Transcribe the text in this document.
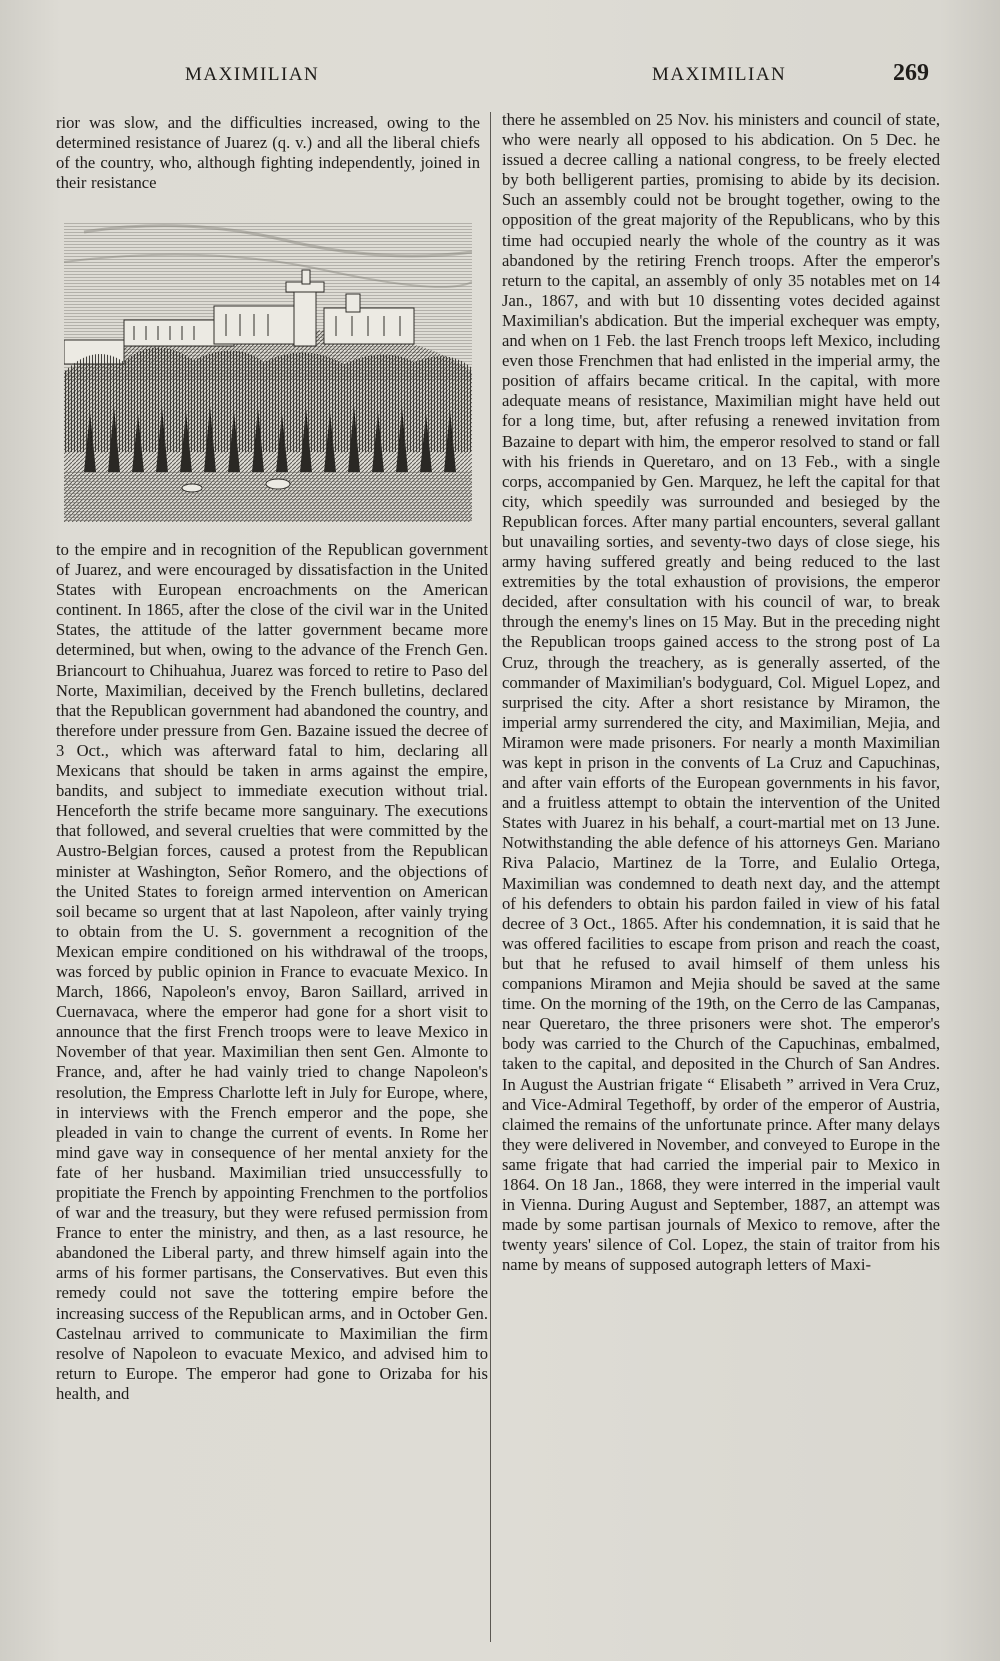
MAXIMILIAN	MAXIMILIAN	269

rior was slow, and the difficulties increased, owing to the determined resistance of Juarez (q. v.) and all the liberal chiefs of the country, who, although fighting independently, joined in their resistance

to the empire and in recognition of the Republican government of Juarez, and were encouraged by dissatisfaction in the United States with European encroachments on the American continent. In 1865, after the close of the civil war in the United States, the attitude of the latter government became more determined, but when, owing to the advance of the French Gen. Briancourt to Chihuahua, Juarez was forced to retire to Paso del Norte, Maximilian, deceived by the French bulletins, declared that the Republican government had abandoned the country, and therefore under pressure from Gen. Bazaine issued the decree of 3 Oct., which was afterward fatal to him, declaring all Mexicans that should be taken in arms against the empire, bandits, and subject to immediate execution without trial. Henceforth the strife became more sanguinary. The executions that followed, and several cruelties that were committed by the Austro-Belgian forces, caused a protest from the Republican minister at Washington, Señor Romero, and the objections of the United States to foreign armed intervention on American soil became so urgent that at last Napoleon, after vainly trying to obtain from the U. S. government a recognition of the Mexican empire conditioned on his withdrawal of the troops, was forced by public opinion in France to evacuate Mexico. In March, 1866, Napoleon's envoy, Baron Saillard, arrived in Cuernavaca, where the emperor had gone for a short visit to announce that the first French troops were to leave Mexico in November of that year. Maximilian then sent Gen. Almonte to France, and, after he had vainly tried to change Napoleon's resolution, the Empress Charlotte left in July for Europe, where, in interviews with the French emperor and the pope, she pleaded in vain to change the current of events. In Rome her mind gave way in consequence of her mental anxiety for the fate of her husband. Maximilian tried unsuccessfully to propitiate the French by appointing Frenchmen to the portfolios of war and the treasury, but they were refused permission from France to enter the ministry, and then, as a last resource, he abandoned the Liberal party, and threw himself again into the arms of his former partisans, the Conservatives. But even this remedy could not save the tottering empire before the increasing success of the Republican arms, and in October Gen. Castelnau arrived to communicate to Maximilian the firm resolve of Napoleon to evacuate Mexico, and advised him to return to Europe. The emperor had gone to Orizaba for his health, and

there he assembled on 25 Nov. his ministers and council of state, who were nearly all opposed to his abdication. On 5 Dec. he issued a decree calling a national congress, to be freely elected by both belligerent parties, promising to abide by its decision. Such an assembly could not be brought together, owing to the opposition of the great majority of the Republicans, who by this time had occupied nearly the whole of the country as it was abandoned by the retiring French troops. After the emperor's return to the capital, an assembly of only 35 notables met on 14 Jan., 1867, and with but 10 dissenting votes decided against Maximilian's abdication. But the imperial exchequer was empty, and when on 1 Feb. the last French troops left Mexico, including even those Frenchmen that had enlisted in the imperial army, the position of affairs became critical. In the capital, with more adequate means of resistance, Maximilian might have held out for a long time, but, after refusing a renewed invitation from Bazaine to depart with him, the emperor resolved to stand or fall with his friends in Queretaro, and on 13 Feb., with a single corps, accompanied by Gen. Marquez, he left the capital for that city, which speedily was surrounded and besieged by the Republican forces. After many partial encounters, several gallant but unavailing sorties, and seventy-two days of close siege, his army having suffered greatly and being reduced to the last extremities by the total exhaustion of provisions, the emperor decided, after consultation with his council of war, to break through the enemy's lines on 15 May. But in the preceding night the Republican troops gained access to the strong post of La Cruz, through the treachery, as is generally asserted, of the commander of Maximilian's bodyguard, Col. Miguel Lopez, and surprised the city. After a short resistance by Miramon, the imperial army surrendered the city, and Maximilian, Mejia, and Miramon were made prisoners. For nearly a month Maximilian was kept in prison in the convents of La Cruz and Capuchinas, and after vain efforts of the European governments in his favor, and a fruitless attempt to obtain the intervention of the United States with Juarez in his behalf, a court-martial met on 13 June. Notwithstanding the able defence of his attorneys Gen. Mariano Riva Palacio, Martinez de la Torre, and Eulalio Ortega, Maximilian was condemned to death next day, and the attempt of his defenders to obtain his pardon failed in view of his fatal decree of 3 Oct., 1865. After his condemnation, it is said that he was offered facilities to escape from prison and reach the coast, but that he refused to avail himself of them unless his companions Miramon and Mejia should be saved at the same time. On the morning of the 19th, on the Cerro de las Campanas, near Queretaro, the three prisoners were shot. The emperor's body was carried to the Church of the Capuchinas, embalmed, taken to the capital, and deposited in the Church of San Andres. In August the Austrian frigate “ Elisabeth ” arrived in Vera Cruz, and Vice-Admiral Tegethoff, by order of the emperor of Austria, claimed the remains of the unfortunate prince. After many delays they were delivered in November, and conveyed to Europe in the same frigate that had carried the imperial pair to Mexico in 1864. On 18 Jan., 1868, they were interred in the imperial vault in Vienna. During August and September, 1887, an attempt was made by some partisan journals of Mexico to remove, after the twenty years' silence of Col. Lopez, the stain of traitor from his name by means of supposed autograph letters of Maxi-
